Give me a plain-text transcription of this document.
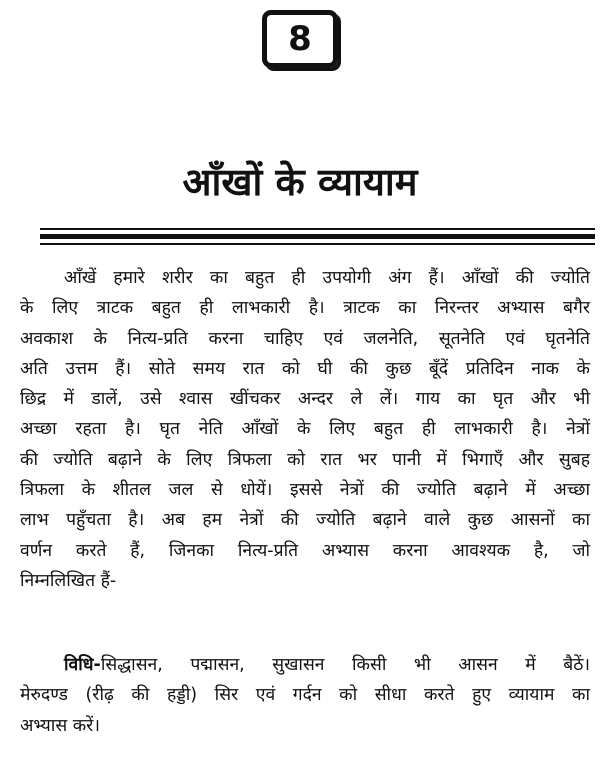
8
आँखों के व्यायाम

आँखें हमारे शरीर का बहुत ही उपयोगी अंग हैं। आँखों की ज्योति
के लिए त्राटक बहुत ही लाभकारी है। त्राटक का निरन्तर अभ्यास बगैर
अवकाश के नित्य-प्रति करना चाहिए एवं जलनेति, सूतनेति एवं घृतनेति
अति उत्तम हैं। सोते समय रात को घी की कुछ बूँदें प्रतिदिन नाक के
छिद्र में डालें, उसे श्वास खींचकर अन्दर ले लें। गाय का घृत और भी
अच्छा रहता है। घृत नेति आँखों के लिए बहुत ही लाभकारी है। नेत्रों
की ज्योति बढ़ाने के लिए त्रिफला को रात भर पानी में भिगाएँ और सुबह
त्रिफला के शीतल जल से धोयें। इससे नेत्रों की ज्योति बढ़ाने में अच्छा
लाभ पहुँचता है। अब हम नेत्रों की ज्योति बढ़ाने वाले कुछ आसनों का
वर्णन करते हैं, जिनका नित्य-प्रति अभ्यास करना आवश्यक है, जो
निम्नलिखित हैं-

विधि-सिद्धासन, पद्मासन, सुखासन किसी भी आसन में बैठें।
मेरुदण्ड (रीढ़ की हड्डी) सिर एवं गर्दन को सीधा करते हुए व्यायाम का
अभ्यास करें।
